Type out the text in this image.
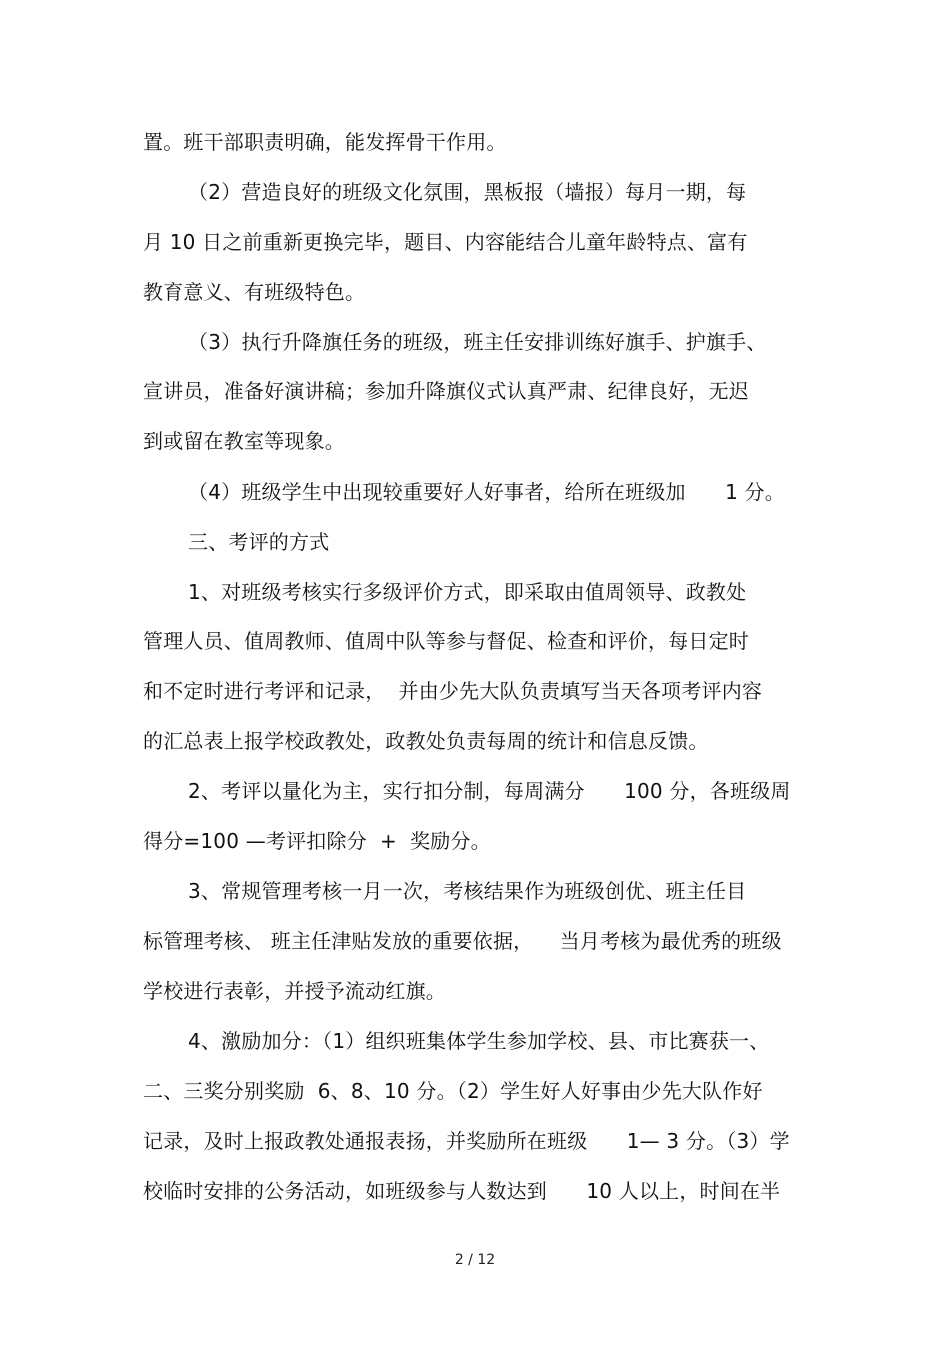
置。班干部职责明确，能发挥骨干作用。
（2）营造良好的班级文化氛围，黑板报（墙报）每月一期，每
月 10 日之前重新更换完毕，题目、内容能结合儿童年龄特点、富有
教育意义、有班级特色。
（3）执行升降旗任务的班级，班主任安排训练好旗手、护旗手、
宣讲员，准备好演讲稿；参加升降旗仪式认真严肃、纪律良好，无迟
到或留在教室等现象。
（4）班级学生中出现较重要好人好事者，给所在班级加      1 分。
三、考评的方式
1、对班级考核实行多级评价方式，即采取由值周领导、政教处
管理人员、值周教师、值周中队等参与督促、检查和评价，每日定时
和不定时进行考评和记录，  并由少先大队负责填写当天各项考评内容
的汇总表上报学校政教处，政教处负责每周的统计和信息反馈。
2、考评以量化为主，实行扣分制，每周满分      100 分，各班级周
得分=100 —考评扣除分  +  奖励分。
3、常规管理考核一月一次，考核结果作为班级创优、班主任目
标管理考核、 班主任津贴发放的重要依据，    当月考核为最优秀的班级
学校进行表彰，并授予流动红旗。
4、激励加分：（1）组织班集体学生参加学校、县、市比赛获一、
二、三奖分别奖励  6、8、10 分。（2）学生好人好事由少先大队作好
记录，及时上报政教处通报表扬，并奖励所在班级      1— 3 分。（3）学
校临时安排的公务活动，如班级参与人数达到      10 人以上，时间在半
2 / 12
